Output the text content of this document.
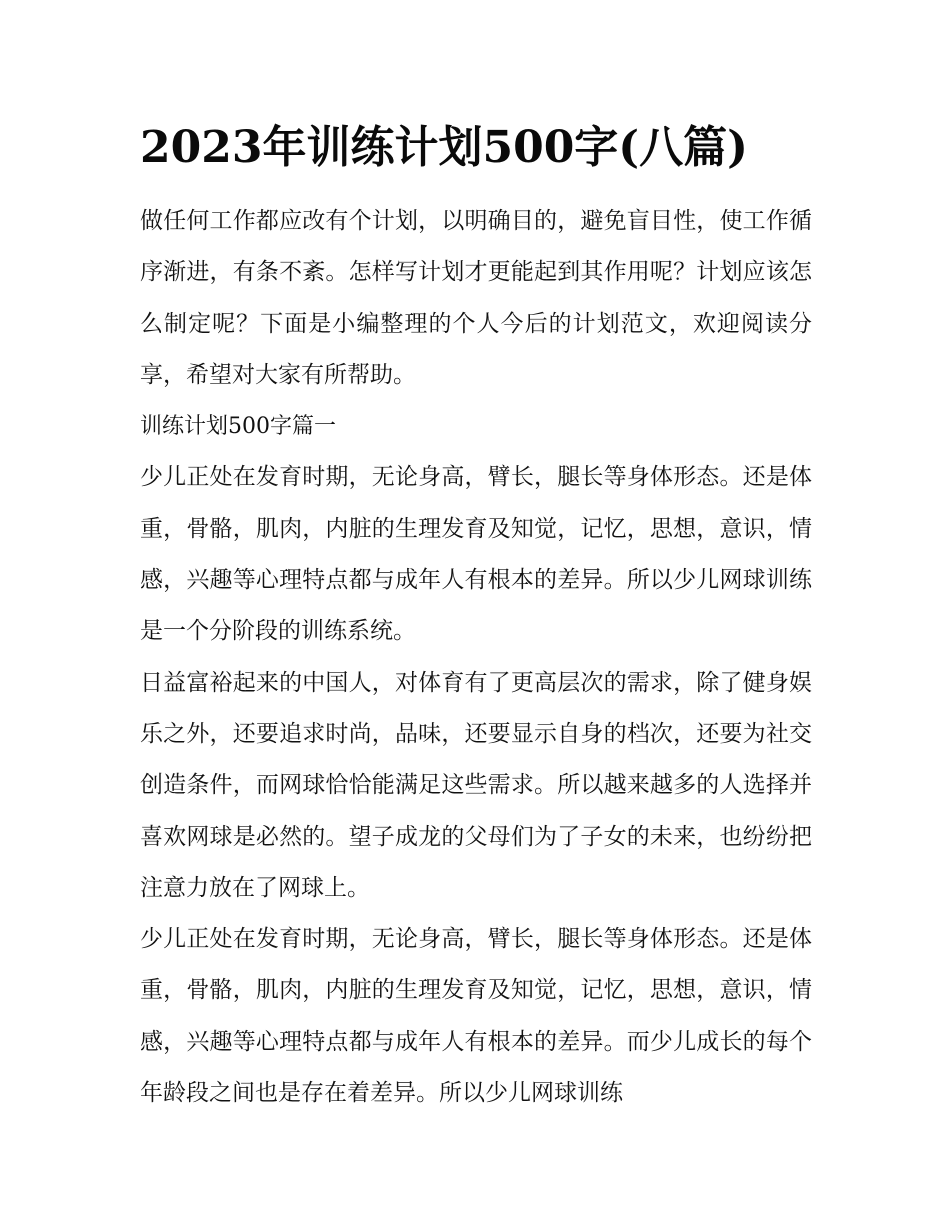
2023年训练计划500字(八篇)

做任何工作都应改有个计划，以明确目的，避免盲目性，使工作循序渐进，有条不紊。怎样写计划才更能起到其作用呢？计划应该怎么制定呢？下面是小编整理的个人今后的计划范文，欢迎阅读分享，希望对大家有所帮助。

训练计划500字篇一

少儿正处在发育时期，无论身高，臂长，腿长等身体形态。还是体重，骨骼，肌肉，内脏的生理发育及知觉，记忆，思想，意识，情感，兴趣等心理特点都与成年人有根本的差异。所以少儿网球训练是一个分阶段的训练系统。

日益富裕起来的中国人，对体育有了更高层次的需求，除了健身娱乐之外，还要追求时尚，品味，还要显示自身的档次，还要为社交创造条件，而网球恰恰能满足这些需求。所以越来越多的人选择并喜欢网球是必然的。望子成龙的父母们为了子女的未来，也纷纷把注意力放在了网球上。

少儿正处在发育时期，无论身高，臂长，腿长等身体形态。还是体重，骨骼，肌肉，内脏的生理发育及知觉，记忆，思想，意识，情感，兴趣等心理特点都与成年人有根本的差异。而少儿成长的每个年龄段之间也是存在着差异。所以少儿网球训练
